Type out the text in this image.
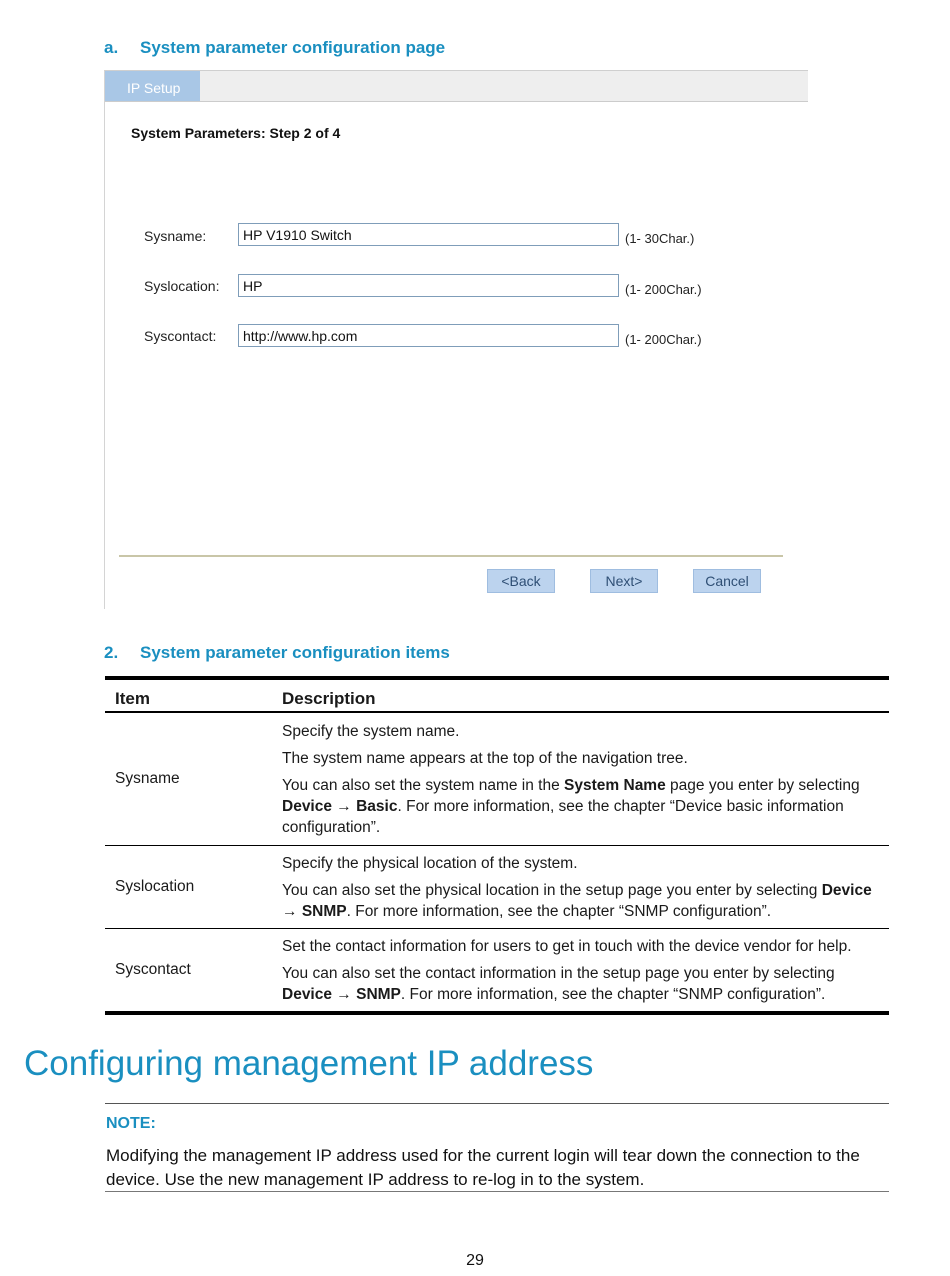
a. System parameter configuration page
IP Setup
System Parameters: Step 2 of 4
Sysname:
HP V1910 Switch	(1- 30Char.)
Syslocation:
HP	(1- 200Char.)
Syscontact:
http://www.hp.com	(1- 200Char.)
<Back	Next>	Cancel
2. System parameter configuration items
Item	Description
Sysname	Specify the system name.

The system name appears at the top of the navigation tree.

You can also set the system name in the System Name page you enter by selecting Device → Basic. For more information, see the chapter “Device basic information configuration”.

Syslocation	Specify the physical location of the system.

You can also set the physical location in the setup page you enter by selecting Device → SNMP. For more information, see the chapter “SNMP configuration”.

Syscontact	Set the contact information for users to get in touch with the device vendor for help.

You can also set the contact information in the setup page you enter by selecting Device → SNMP. For more information, see the chapter “SNMP configuration”.

Configuring management IP address
NOTE:
Modifying the management IP address used for the current login will tear down the connection to the device. Use the new management IP address to re-log in to the system.
29
